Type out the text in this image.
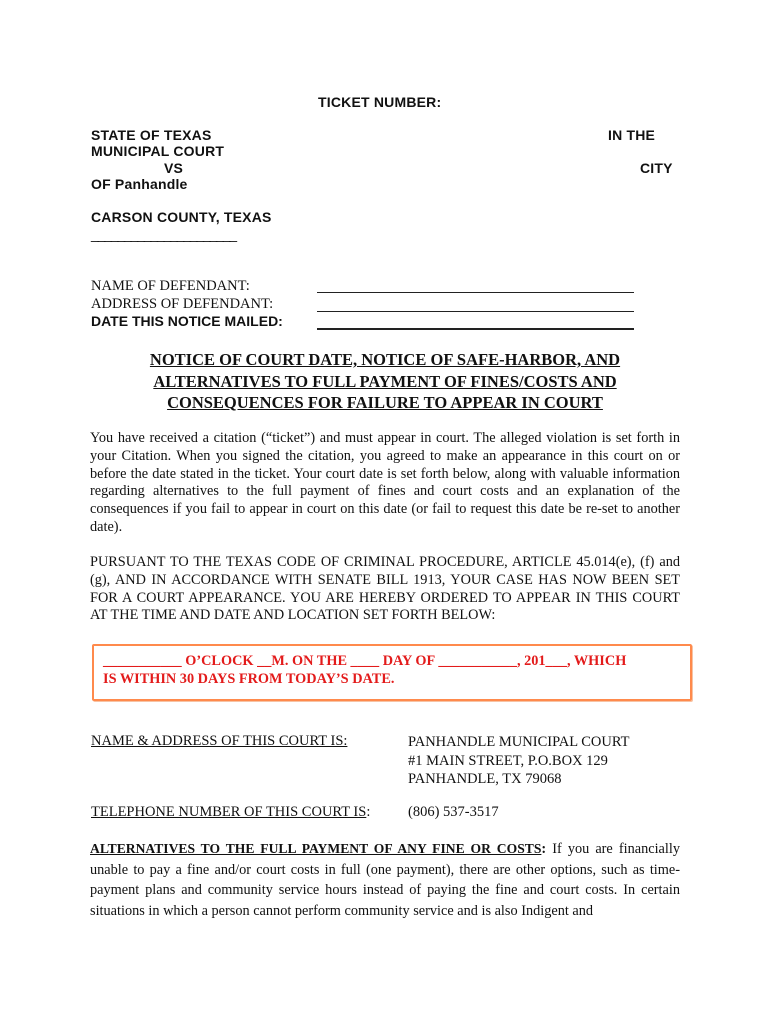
TICKET NUMBER:
STATE OF TEXAS	IN THE
MUNICIPAL COURT
VS	CITY
OF Panhandle
CARSON COUNTY, TEXAS
______________________
NAME OF DEFENDANT:
ADDRESS OF DEFENDANT:
DATE THIS NOTICE MAILED:
NOTICE OF COURT DATE, NOTICE OF SAFE-HARBOR, AND
ALTERNATIVES TO FULL PAYMENT OF FINES/COSTS AND
CONSEQUENCES FOR FAILURE TO APPEAR IN COURT
You have received a citation (“ticket”) and must appear in court. The alleged violation is set forth in your Citation. When you signed the citation, you agreed to make an appearance in this court on or before the date stated in the ticket. Your court date is set forth below, along with valuable information regarding alternatives to the full payment of fines and court costs and an explanation of the consequences if you fail to appear in court on this date (or fail to request this date be re-set to another date).
PURSUANT TO THE TEXAS CODE OF CRIMINAL PROCEDURE, ARTICLE 45.014(e), (f) and (g), AND IN ACCORDANCE WITH SENATE BILL 1913, YOUR CASE HAS NOW BEEN SET FOR A COURT APPEARANCE. YOU ARE HEREBY ORDERED TO APPEAR IN THIS COURT AT THE TIME AND DATE AND LOCATION SET FORTH BELOW:
___________ O’CLOCK __M. ON THE ____ DAY OF ___________, 201___, WHICH
IS WITHIN 30 DAYS FROM TODAY’S DATE.
NAME & ADDRESS OF THIS COURT IS:	PANHANDLE MUNICIPAL COURT
#1 MAIN STREET, P.O.BOX 129
PANHANDLE, TX 79068
TELEPHONE NUMBER OF THIS COURT IS:	(806) 537-3517
ALTERNATIVES TO THE FULL PAYMENT OF ANY FINE OR COSTS: If you are financially unable to pay a fine and/or court costs in full (one payment), there are other options, such as time-payment plans and community service hours instead of paying the fine and court costs. In certain situations in which a person cannot perform community service and is also Indigent and
